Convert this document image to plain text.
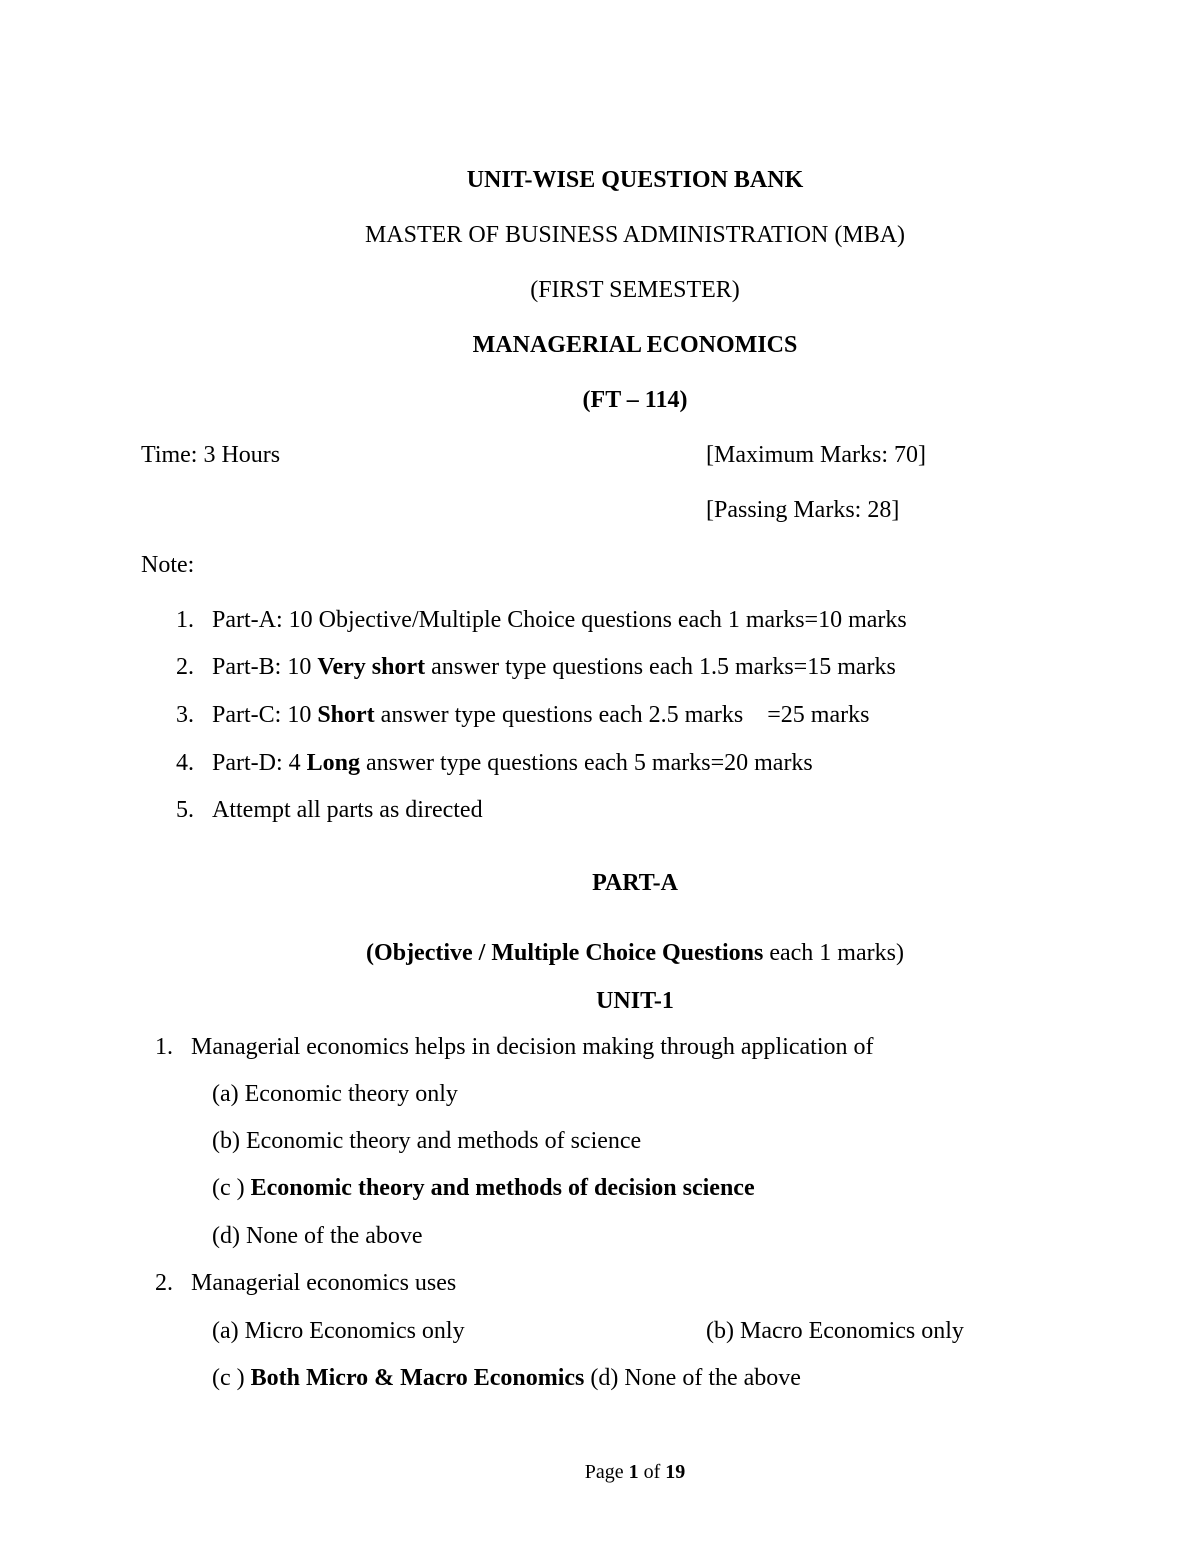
UNIT-WISE QUESTION BANK
MASTER OF BUSINESS ADMINISTRATION (MBA)
(FIRST SEMESTER)
MANAGERIAL ECONOMICS
(FT – 114)
Time: 3 Hours	[Maximum Marks: 70]
[Passing Marks: 28]
Note:
1. Part-A: 10 Objective/Multiple Choice questions each 1 marks=10 marks
2. Part-B: 10 Very short answer type questions each 1.5 marks=15 marks
3. Part-C: 10 Short answer type questions each 2.5 marks    =25 marks
4. Part-D: 4 Long answer type questions each 5 marks=20 marks
5. Attempt all parts as directed
PART-A
(Objective / Multiple Choice Questions each 1 marks)
UNIT-1
1. Managerial economics helps in decision making through application of
(a) Economic theory only
(b) Economic theory and methods of science
(c ) Economic theory and methods of decision science
(d) None of the above
2. Managerial economics uses
(a) Micro Economics only	(b) Macro Economics only
(c ) Both Micro & Macro Economics (d) None of the above
Page 1 of 19
